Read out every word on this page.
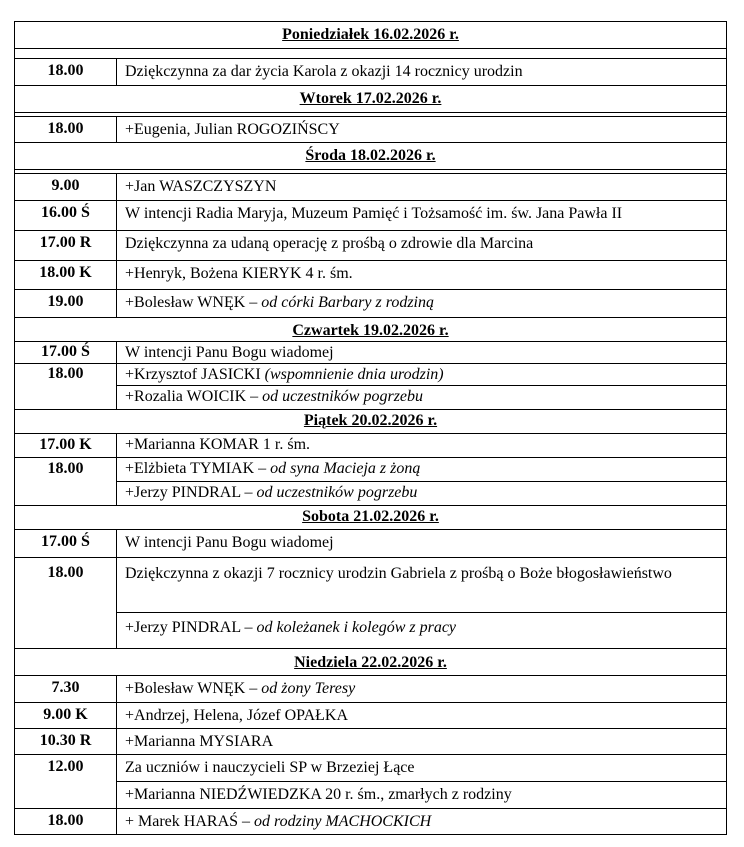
Poniedziałek 16.02.2026 r.	

18.00	Dziękczynna za dar życia Karola z okazji 14 rocznicy urodzin
Wtorek 17.02.2026 r.	

18.00	+Eugenia, Julian ROGOZIŃSCY
Środa 18.02.2026 r.	

9.00	+Jan WASZCZYSZYN
16.00 Ś	W intencji Radia Maryja, Muzeum Pamięć i Tożsamość im. św. Jana Pawła II
17.00 R	Dziękczynna za udaną operację z prośbą o zdrowie dla Marcina
18.00 K	+Henryk, Bożena KIERYK 4 r. śm.
19.00	+Bolesław WNĘK – od córki Barbary z rodziną
Czwartek 19.02.2026 r.	
17.00 Ś	W intencji Panu Bogu wiadomej
18.00	+Krzysztof JASICKI (wspomnienie dnia urodzin)
	+Rozalia WOICIK – od uczestników pogrzebu
Piątek 20.02.2026 r.	
17.00 K	+Marianna KOMAR 1 r. śm.
18.00	+Elżbieta TYMIAK – od syna Macieja z żoną
	+Jerzy PINDRAL – od uczestników pogrzebu
Sobota 21.02.2026 r.	
17.00 Ś	W intencji Panu Bogu wiadomej
18.00	Dziękczynna z okazji 7 rocznicy urodzin Gabriela z prośbą o Boże błogosławieństwo
	+Jerzy PINDRAL – od koleżanek i kolegów z pracy
Niedziela 22.02.2026 r.	
7.30	+Bolesław WNĘK – od żony Teresy
9.00 K	+Andrzej, Helena, Józef OPAŁKA
10.30 R	+Marianna MYSIARA
12.00	Za uczniów i nauczycieli SP w Brzeziej Łące
	+Marianna NIEDŹWIEDZKA 20 r. śm., zmarłych z rodziny
18.00	+ Marek HARAŚ – od rodziny MACHOCKICH
